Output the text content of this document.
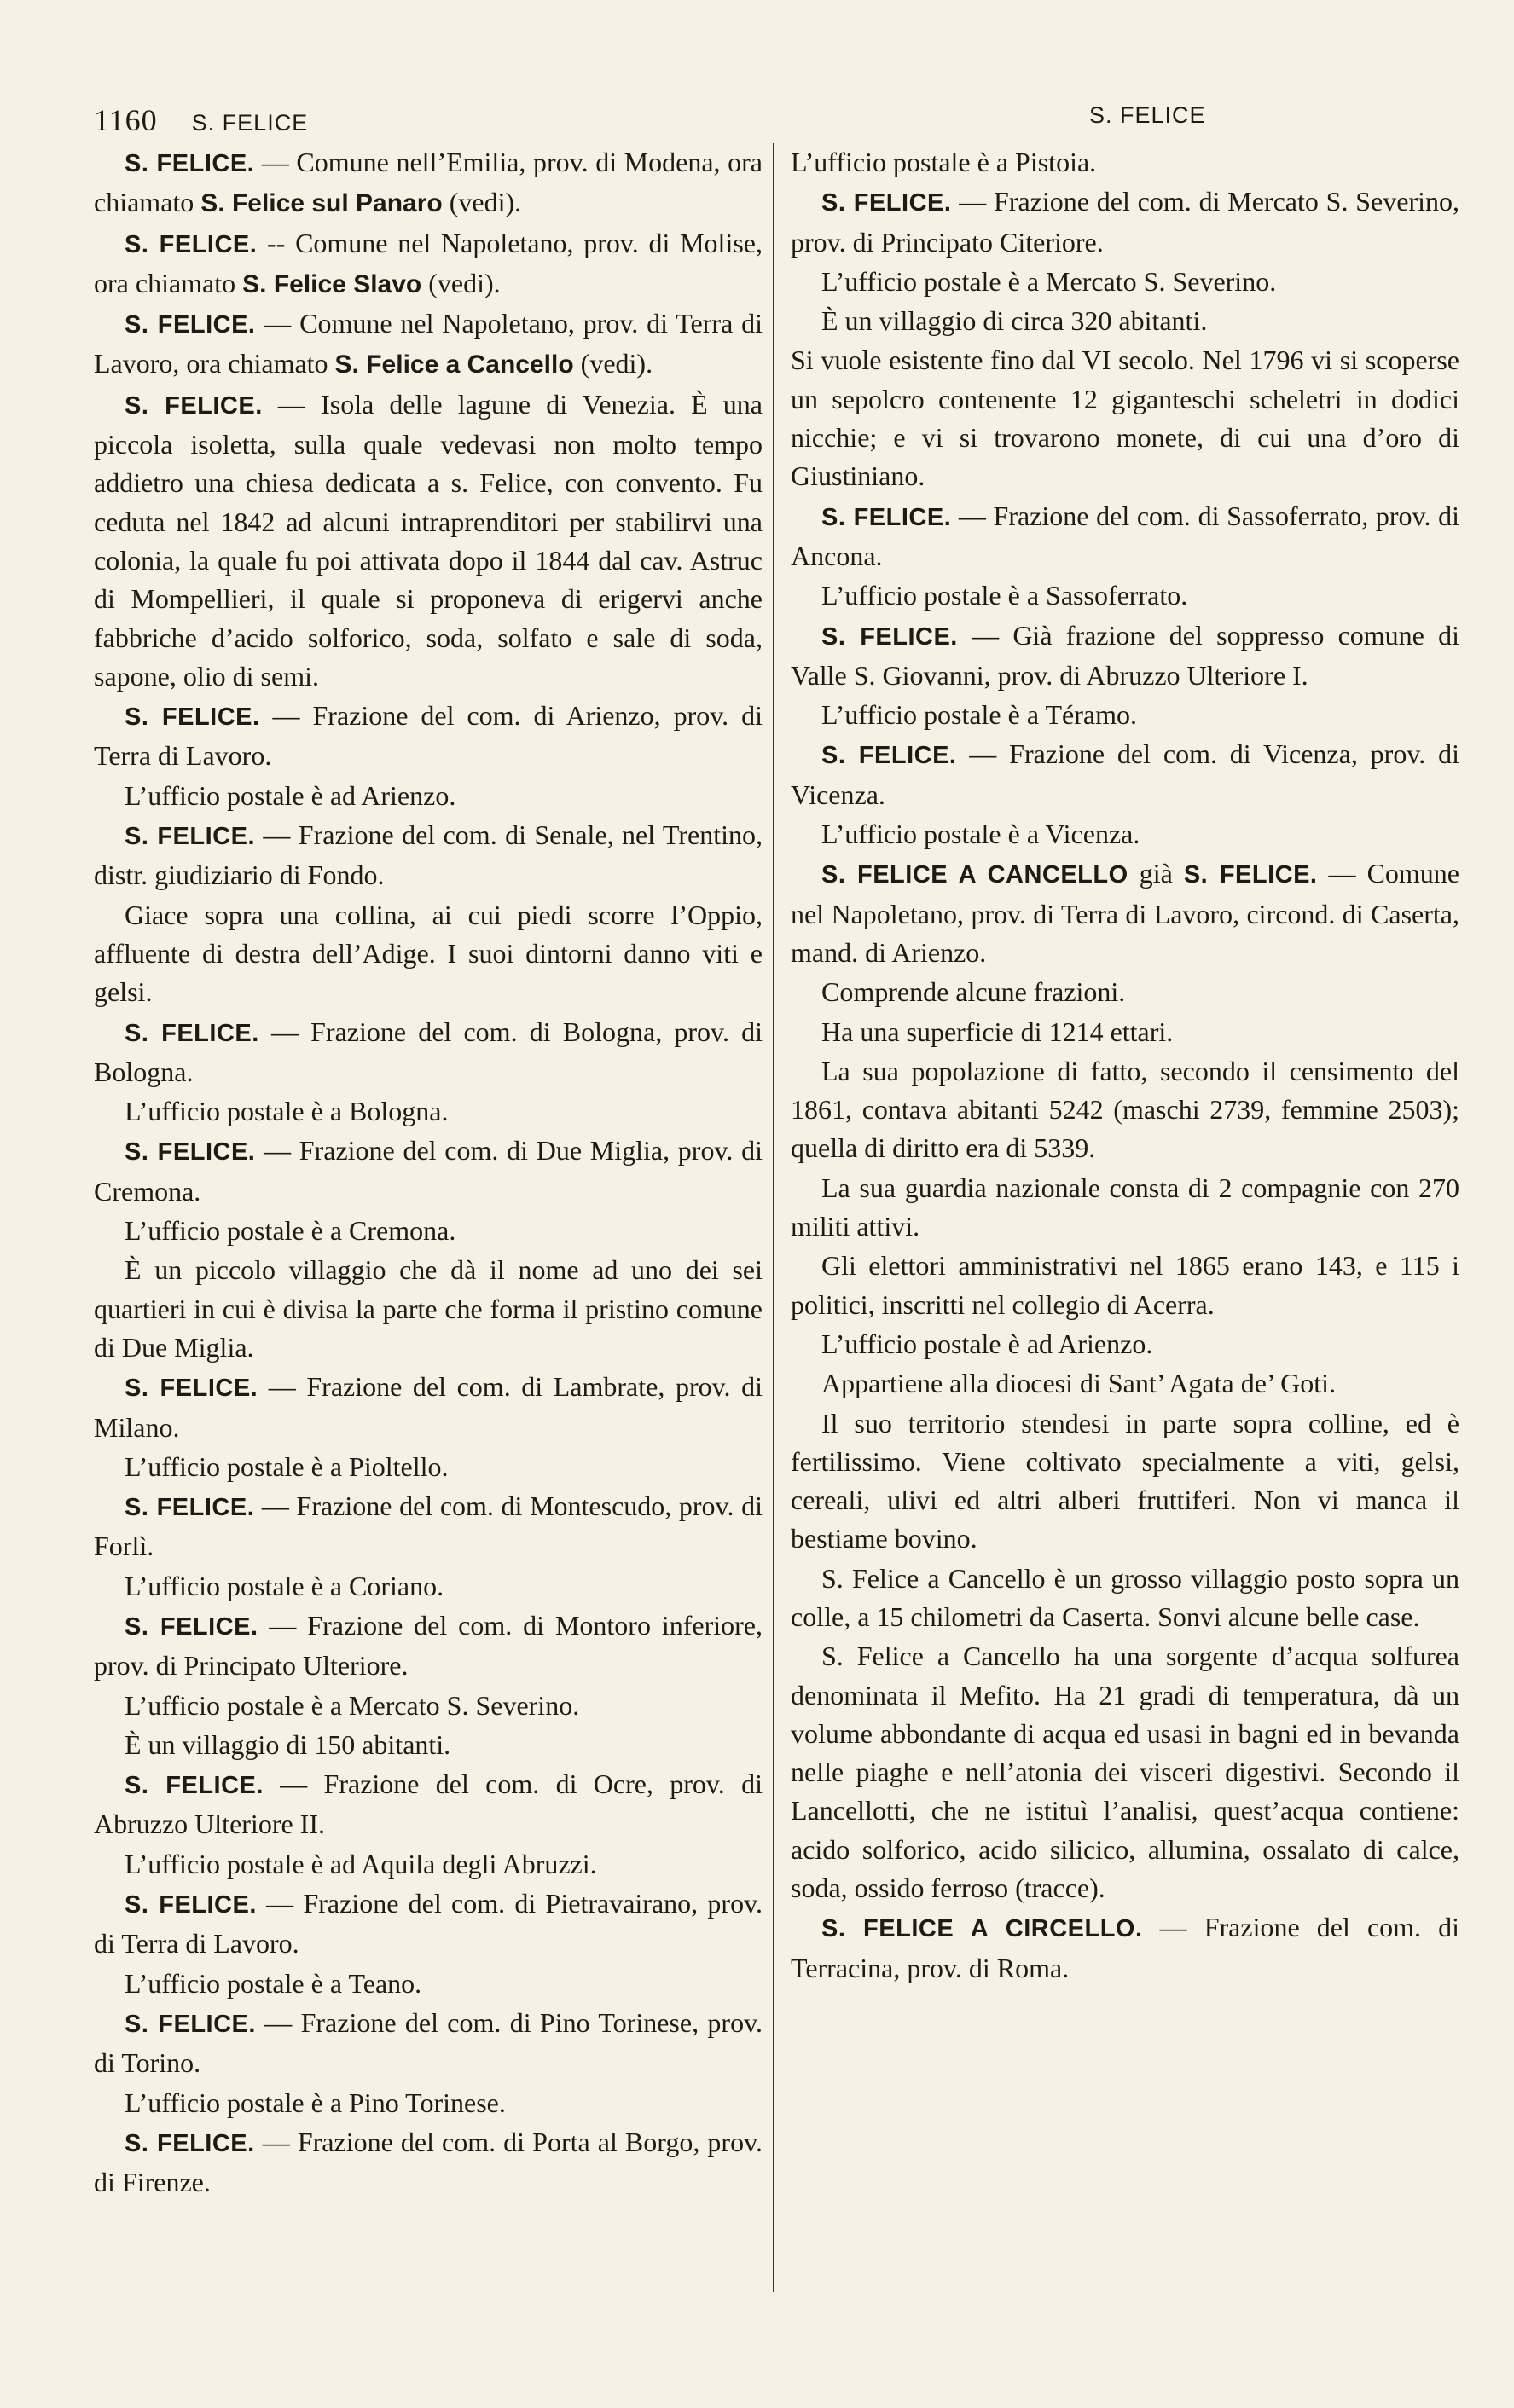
1160 S. FELICE	S. FELICE

S. FELICE. — Comune nell’Emilia, prov. di Modena, ora chiamato S. Felice sul Panaro (vedi).

S. FELICE. -- Comune nel Napoletano, prov. di Molise, ora chiamato S. Felice Slavo (vedi).

S. FELICE. — Comune nel Napoletano, prov. di Terra di Lavoro, ora chiamato S. Felice a Cancello (vedi).

S. FELICE. — Isola delle lagune di Venezia. È una piccola isoletta, sulla quale vedevasi non molto tempo addietro una chiesa dedicata a s. Felice, con convento. Fu ceduta nel 1842 ad alcuni intraprenditori per stabilirvi una colonia, la quale fu poi attivata dopo il 1844 dal cav. Astruc di Mompellieri, il quale si proponeva di erigervi anche fabbriche d’acido solforico, soda, solfato e sale di soda, sapone, olio di semi.

S. FELICE. — Frazione del com. di Arienzo, prov. di Terra di Lavoro.

L’ufficio postale è ad Arienzo.

S. FELICE. — Frazione del com. di Senale, nel Trentino, distr. giudiziario di Fondo.

Giace sopra una collina, ai cui piedi scorre l’Oppio, affluente di destra dell’Adige. I suoi dintorni danno viti e gelsi.

S. FELICE. — Frazione del com. di Bologna, prov. di Bologna.

L’ufficio postale è a Bologna.

S. FELICE. — Frazione del com. di Due Miglia, prov. di Cremona.

L’ufficio postale è a Cremona.

È un piccolo villaggio che dà il nome ad uno dei sei quartieri in cui è divisa la parte che forma il pristino comune di Due Miglia.

S. FELICE. — Frazione del com. di Lambrate, prov. di Milano.

L’ufficio postale è a Pioltello.

S. FELICE. — Frazione del com. di Montescudo, prov. di Forlì.

L’ufficio postale è a Coriano.

S. FELICE. — Frazione del com. di Montoro inferiore, prov. di Principato Ulteriore.

L’ufficio postale è a Mercato S. Severino.

È un villaggio di 150 abitanti.

S. FELICE. — Frazione del com. di Ocre, prov. di Abruzzo Ulteriore II.

L’ufficio postale è ad Aquila degli Abruzzi.

S. FELICE. — Frazione del com. di Pietravairano, prov. di Terra di Lavoro.

L’ufficio postale è a Teano.

S. FELICE. — Frazione del com. di Pino Torinese, prov. di Torino.

L’ufficio postale è a Pino Torinese.

S. FELICE. — Frazione del com. di Porta al Borgo, prov. di Firenze.

L’ufficio postale è a Pistoia.

S. FELICE. — Frazione del com. di Mercato S. Severino, prov. di Principato Citeriore.

L’ufficio postale è a Mercato S. Severino.

È un villaggio di circa 320 abitanti.

Si vuole esistente fino dal VI secolo. Nel 1796 vi si scoperse un sepolcro contenente 12 giganteschi scheletri in dodici nicchie; e vi si trovarono monete, di cui una d’oro di Giustiniano.

S. FELICE. — Frazione del com. di Sassoferrato, prov. di Ancona.

L’ufficio postale è a Sassoferrato.

S. FELICE. — Già frazione del soppresso comune di Valle S. Giovanni, prov. di Abruzzo Ulteriore I.

L’ufficio postale è a Téramo.

S. FELICE. — Frazione del com. di Vicenza, prov. di Vicenza.

L’ufficio postale è a Vicenza.

S. FELICE A CANCELLO già S. FELICE. — Comune nel Napoletano, prov. di Terra di Lavoro, circond. di Caserta, mand. di Arienzo.

Comprende alcune frazioni.

Ha una superficie di 1214 ettari.

La sua popolazione di fatto, secondo il censimento del 1861, contava abitanti 5242 (maschi 2739, femmine 2503); quella di diritto era di 5339.

La sua guardia nazionale consta di 2 compagnie con 270 militi attivi.

Gli elettori amministrativi nel 1865 erano 143, e 115 i politici, inscritti nel collegio di Acerra.

L’ufficio postale è ad Arienzo.

Appartiene alla diocesi di Sant’ Agata de’ Goti.

Il suo territorio stendesi in parte sopra colline, ed è fertilissimo. Viene coltivato specialmente a viti, gelsi, cereali, ulivi ed altri alberi fruttiferi. Non vi manca il bestiame bovino.

S. Felice a Cancello è un grosso villaggio posto sopra un colle, a 15 chilometri da Caserta. Sonvi alcune belle case.

S. Felice a Cancello ha una sorgente d’acqua solfurea denominata il Mefito. Ha 21 gradi di temperatura, dà un volume abbondante di acqua ed usasi in bagni ed in bevanda nelle piaghe e nell’atonia dei visceri digestivi. Secondo il Lancellotti, che ne istituì l’analisi, quest’acqua contiene: acido solforico, acido silicico, allumina, ossalato di calce, soda, ossido ferroso (tracce).

S. FELICE A CIRCELLO. — Frazione del com. di Terracina, prov. di Roma.
